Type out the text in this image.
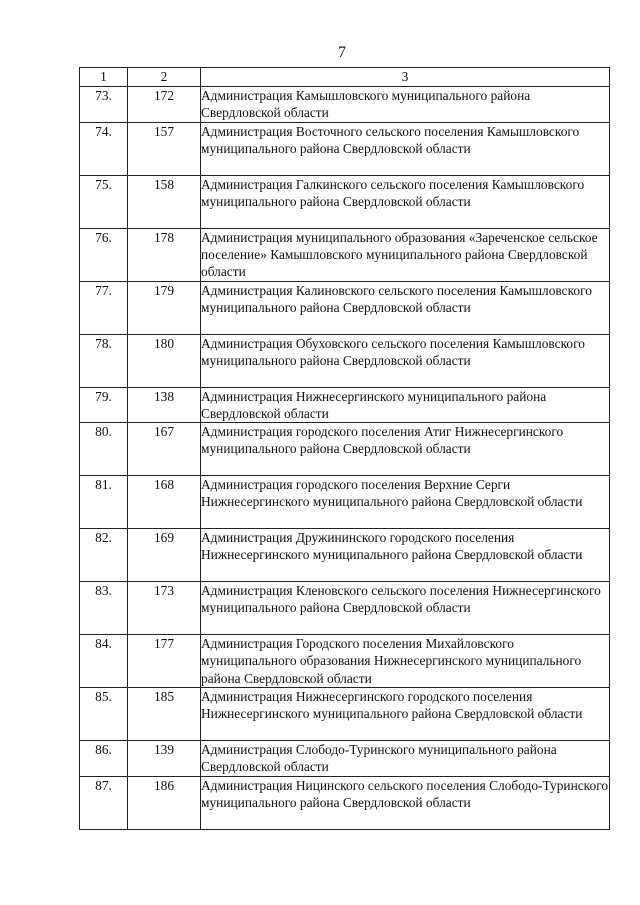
7
1	2	3
73.	172	Администрация Камышловского муниципального района Свердловской области
74.	157	Администрация Восточного сельского поселения Камышловского муниципального района Свердловской области
75.	158	Администрация Галкинского сельского поселения Камышловского муниципального района Свердловской области
76.	178	Администрация муниципального образования «Зареченское сельское поселение» Камышловского муниципального района Свердловской области
77.	179	Администрация Калиновского сельского поселения Камышловского муниципального района Свердловской области
78.	180	Администрация Обуховского сельского поселения Камышловского муниципального района Свердловской области
79.	138	Администрация Нижнесергинского муниципального района Свердловской области
80.	167	Администрация городского поселения Атиг Нижнесергинского муниципального района Свердловской области
81.	168	Администрация городского поселения Верхние Серги Нижнесергинского муниципального района Свердловской области
82.	169	Администрация Дружининского городского поселения Нижнесергинского муниципального района Свердловской области
83.	173	Администрация Кленовского сельского поселения Нижнесергинского муниципального района Свердловской области
84.	177	Администрация Городского поселения Михайловского муниципального образования Нижнесергинского муниципального района Свердловской области
85.	185	Администрация Нижнесергинского городского поселения Нижнесергинского муниципального района Свердловской области
86.	139	Администрация Слободо-Туринского муниципального района Свердловской области
87.	186	Администрация Ницинского сельского поселения Слободо-Туринского муниципального района Свердловской области
